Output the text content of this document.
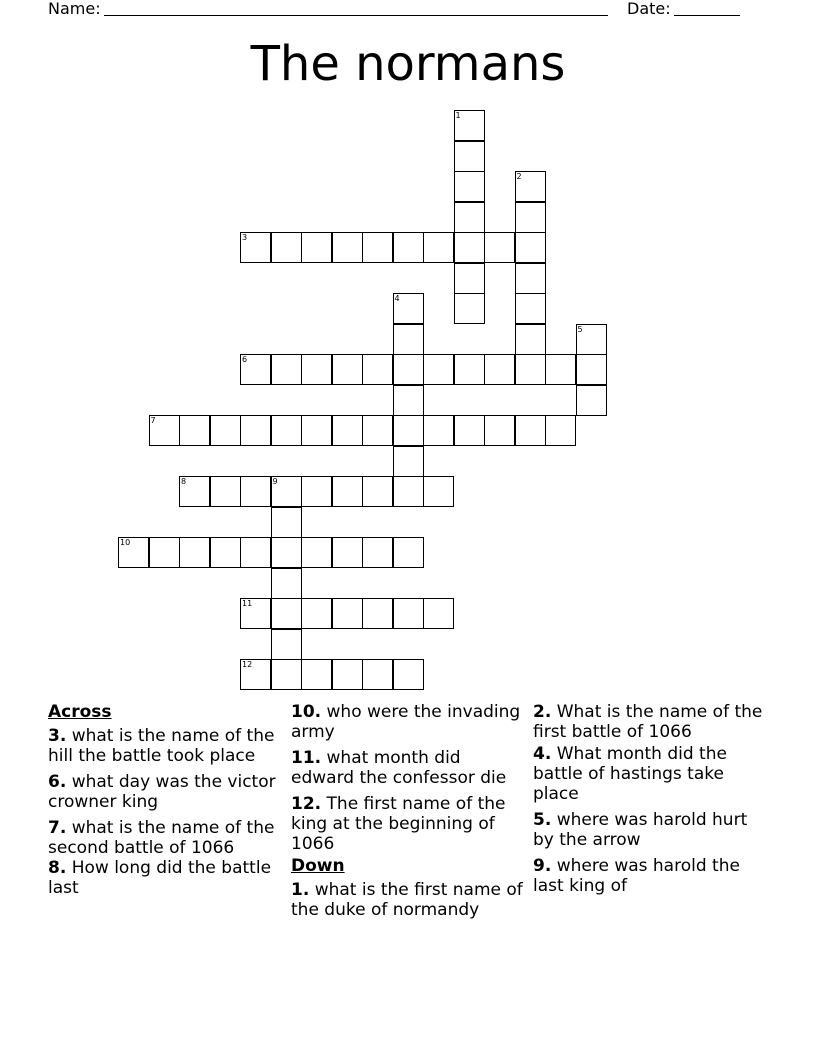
Name:	Date:
The normans
1
2
3
4
5
6
7
8	9
10
11
12
Across
3. what is the name of the hill the battle took place
6. what day was the victor crowner king
7. what is the name of the second battle of 1066
8. How long did the battle last
10. who were the invading army
11. what month did edward the confessor die
12. The first name of the king at the beginning of 1066
Down
1. what is the first name of the duke of normandy
2. What is the name of the first battle of 1066
4. What month did the battle of hastings take place
5. where was harold hurt by the arrow
9. where was harold the last king of
